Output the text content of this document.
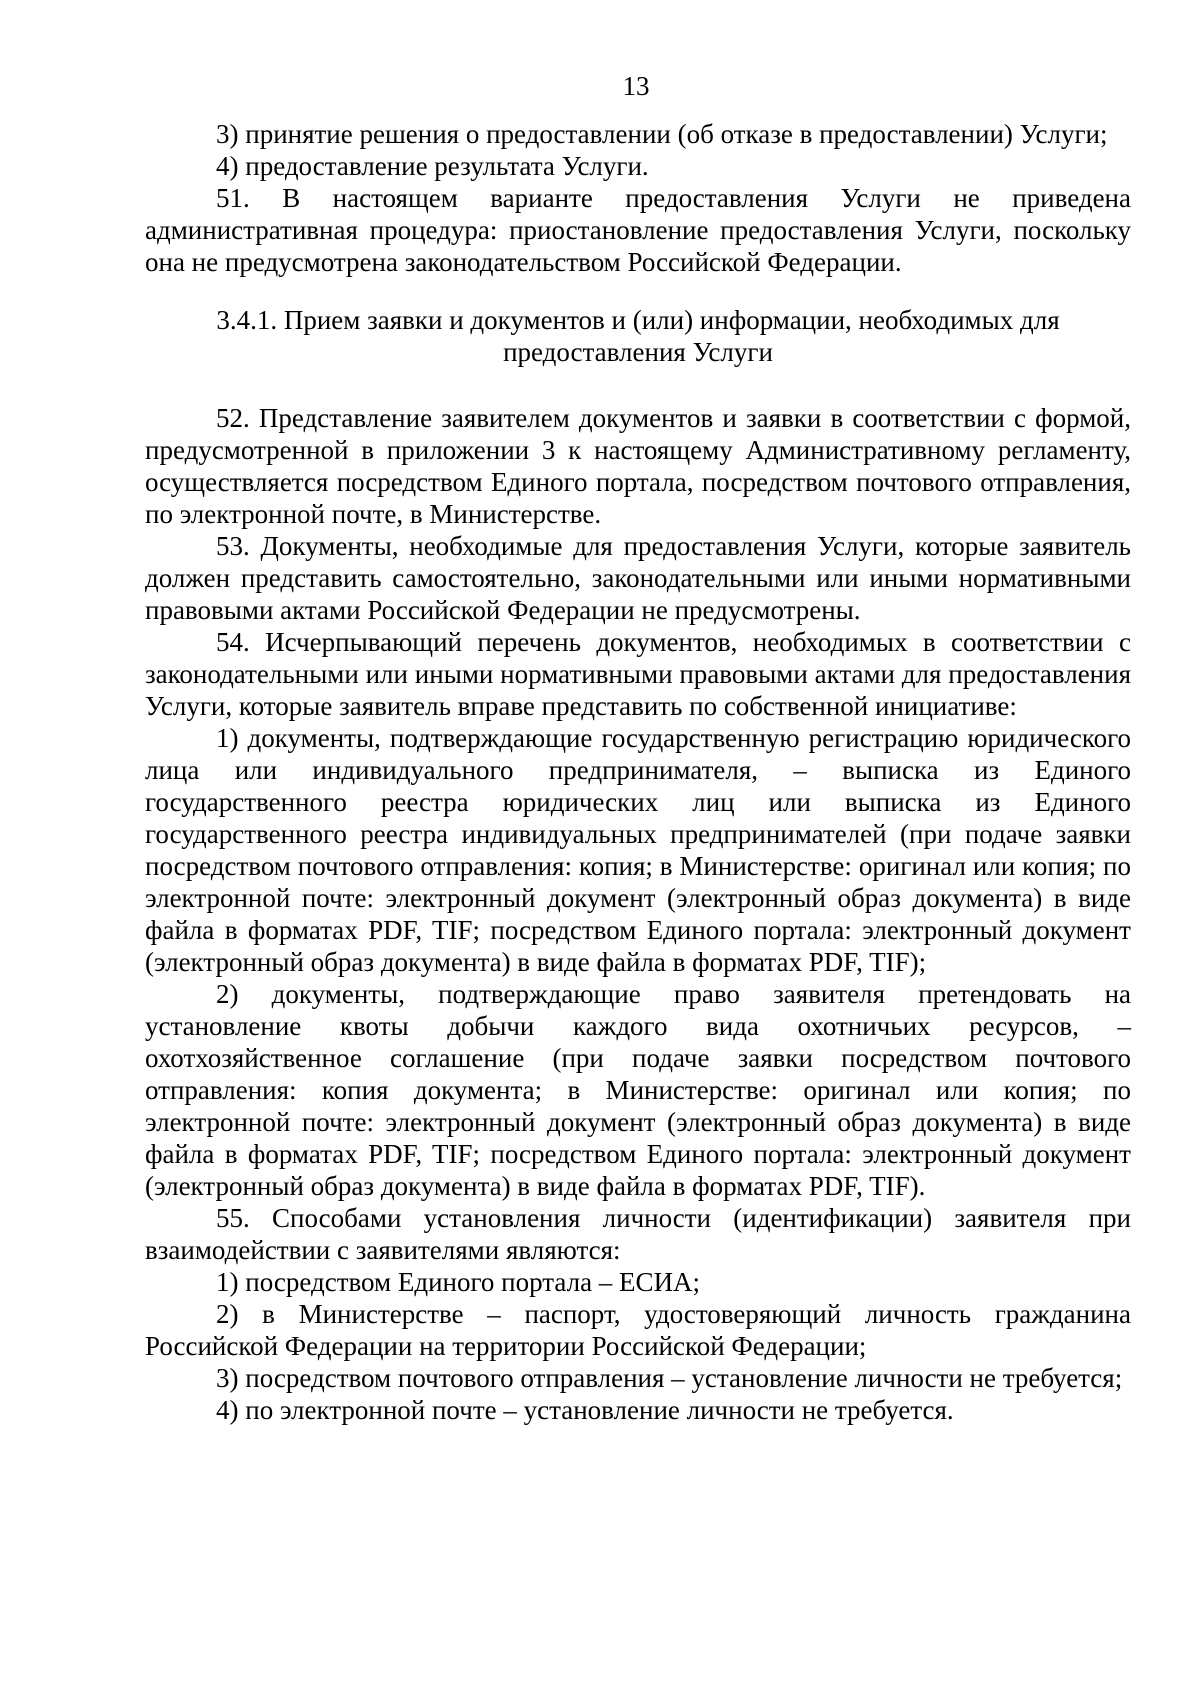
13

3) принятие решения о предоставлении (об отказе в предоставлении) Услуги;

4) предоставление результата Услуги.

51. В настоящем варианте предоставления Услуги не приведена административная процедура: приостановление предоставления Услуги, поскольку она не предусмотрена законодательством Российской Федерации.

3.4.1. Прием заявки и документов и (или) информации, необходимых для предоставления Услуги

52. Представление заявителем документов и заявки в соответствии с формой, предусмотренной в приложении 3 к настоящему Административному регламенту, осуществляется посредством Единого портала, посредством почтового отправления, по электронной почте, в Министерстве.

53. Документы, необходимые для предоставления Услуги, которые заявитель должен представить самостоятельно, законодательными или иными нормативными правовыми актами Российской Федерации не предусмотрены.

54. Исчерпывающий перечень документов, необходимых в соответствии с законодательными или иными нормативными правовыми актами для предоставления Услуги, которые заявитель вправе представить по собственной инициативе:

1) документы, подтверждающие государственную регистрацию юридического лица или индивидуального предпринимателя, – выписка из Единого государственного реестра юридических лиц или выписка из Единого государственного реестра индивидуальных предпринимателей (при подаче заявки посредством почтового отправления: копия; в Министерстве: оригинал или копия; по электронной почте: электронный документ (электронный образ документа) в виде файла в форматах PDF, TIF; посредством Единого портала: электронный документ (электронный образ документа) в виде файла в форматах PDF, TIF);

2) документы, подтверждающие право заявителя претендовать на установление квоты добычи каждого вида охотничьих ресурсов, – охотхозяйственное соглашение (при подаче заявки посредством почтового отправления: копия документа; в Министерстве: оригинал или копия; по электронной почте: электронный документ (электронный образ документа) в виде файла в форматах PDF, TIF; посредством Единого портала: электронный документ (электронный образ документа) в виде файла в форматах PDF, TIF).

55. Способами установления личности (идентификации) заявителя при взаимодействии с заявителями являются:

1) посредством Единого портала – ЕСИА;

2) в Министерстве – паспорт, удостоверяющий личность гражданина Российской Федерации на территории Российской Федерации;

3) посредством почтового отправления – установление личности не требуется;

4) по электронной почте – установление личности не требуется.
